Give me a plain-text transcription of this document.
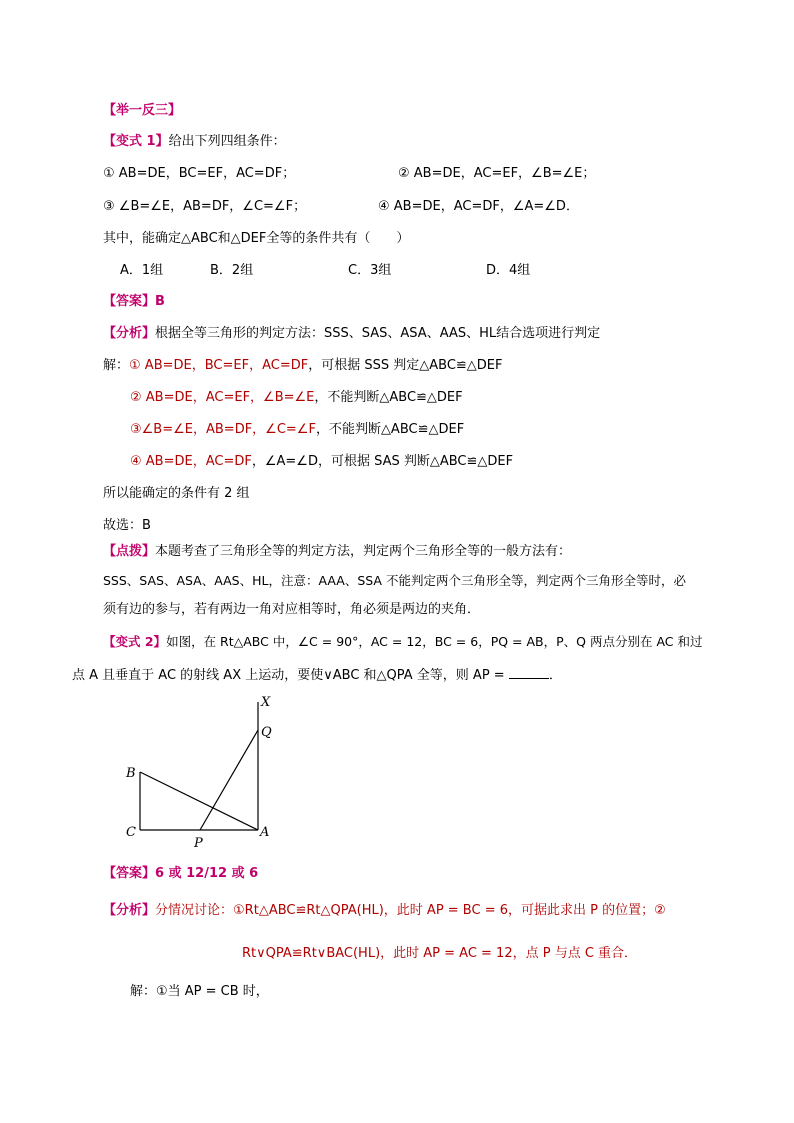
【举一反三】
【变式 1】给出下列四组条件：
① AB=DE，BC=EF，AC=DF；	② AB=DE，AC=EF，∠B=∠E；
③ ∠B=∠E，AB=DF，∠C=∠F；	④ AB=DE，AC=DF，∠A=∠D．
其中，能确定△ABC和△DEF全等的条件共有（　　）
A．1组	B．2组	C．3组	D．4组
【答案】B
【分析】根据全等三角形的判定方法：SSS、SAS、ASA、AAS、HL结合选项进行判定
解：① AB=DE，BC=EF，AC=DF，可根据 SSS 判定△ABC≌△DEF
② AB=DE，AC=EF，∠B=∠E，不能判断△ABC≌△DEF
③∠B=∠E，AB=DF，∠C=∠F，不能判断△ABC≌△DEF
④ AB=DE，AC=DF，∠A=∠D，可根据 SAS 判断△ABC≌△DEF
所以能确定的条件有 2 组
故选：B
【点拨】本题考查了三角形全等的判定方法，判定两个三角形全等的一般方法有：
SSS、SAS、ASA、AAS、HL，注意：AAA、SSA 不能判定两个三角形全等，判定两个三角形全等时，必
须有边的参与，若有两边一角对应相等时，角必须是两边的夹角．
【变式 2】如图，在 Rt△ABC 中，∠C = 90°，AC = 12，BC = 6，PQ = AB，P、Q 两点分别在 AC 和过
点 A 且垂直于 AC 的射线 AX 上运动，要使∨ABC 和△QPA 全等，则 AP =	．
X
Q
B
C
P
A
【答案】6 或 12/12 或 6
【分析】分情况讨论：①Rt△ABC≌Rt△QPA(HL)，此时 AP = BC = 6，可据此求出 P 的位置；②
Rt∨QPA≌Rt∨BAC(HL)，此时 AP = AC = 12，点 P 与点 C 重合．
解：①当 AP = CB 时，
